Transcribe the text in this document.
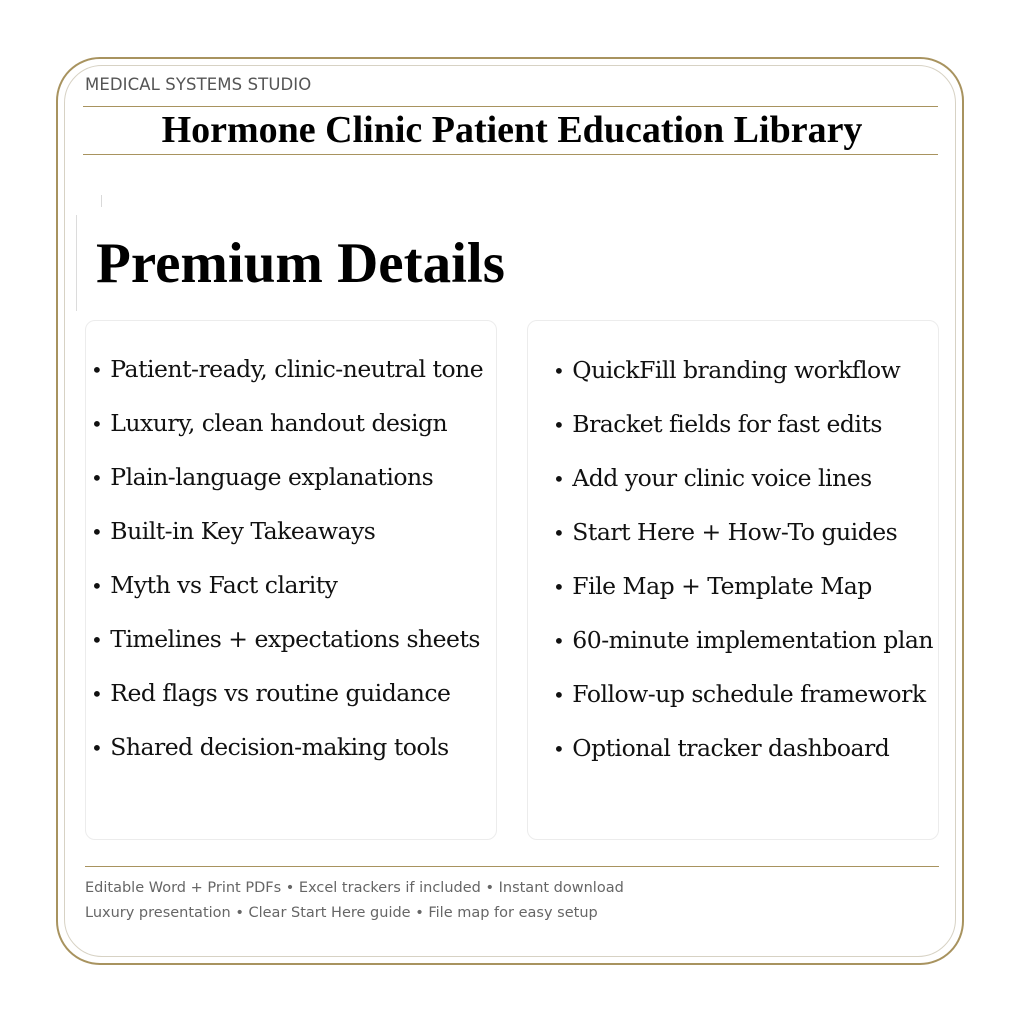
MEDICAL SYSTEMS STUDIO
Hormone Clinic Patient Education Library
Premium Details
• Patient-ready, clinic-neutral tone
• Luxury, clean handout design
• Plain-language explanations
• Built-in Key Takeaways
• Myth vs Fact clarity
• Timelines + expectations sheets
• Red flags vs routine guidance
• Shared decision-making tools
• QuickFill branding workflow
• Bracket fields for fast edits
• Add your clinic voice lines
• Start Here + How-To guides
• File Map + Template Map
• 60-minute implementation plan
• Follow-up schedule framework
• Optional tracker dashboard
Editable Word + Print PDFs • Excel trackers if included • Instant download
Luxury presentation • Clear Start Here guide • File map for easy setup
